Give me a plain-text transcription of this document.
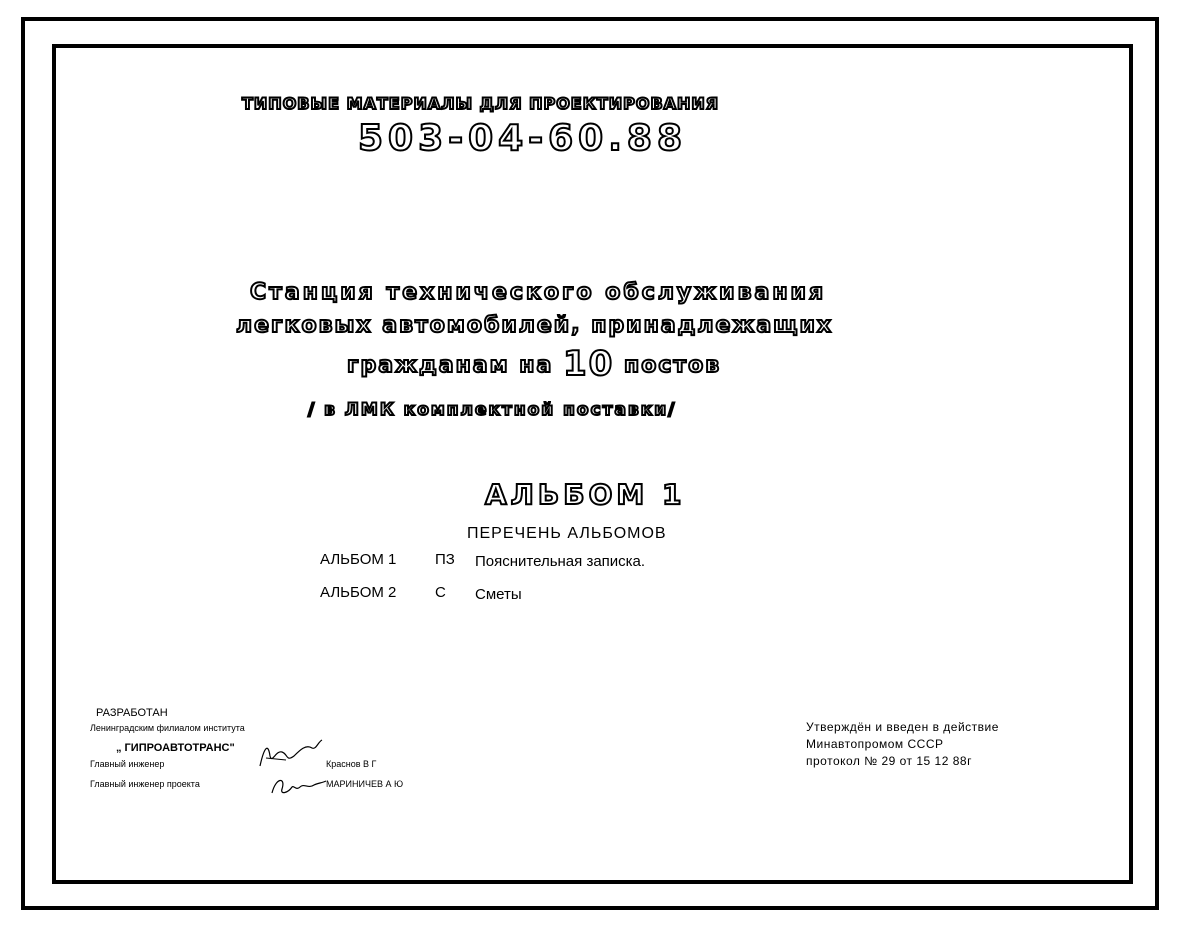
ТИПОВЫЕ МАТЕРИАЛЫ ДЛЯ ПРОЕКТИРОВАНИЯ
503-04-60.88
Станция технического обслуживания
легковых автомобилей, принадлежащих
гражданам на 10 постов
/ в ЛМК комплектной поставки/
АЛЬБОМ 1
ПЕРЕЧЕНЬ АЛЬБОМОВ
АЛЬБОМ 1	ПЗ Пояснительная записка.
АЛЬБОМ 2	С Сметы
РАЗРАБОТАН
Ленинградским филиалом института
„ ГИПРОАВТОТРАНС"
Главный инженер	Краснов В Г
Главный инженер проекта	МАРИНИЧЕВ А Ю
Утверждён и введен в действие
Минавтопромом СССР
протокол № 29 от 15 12 88г
